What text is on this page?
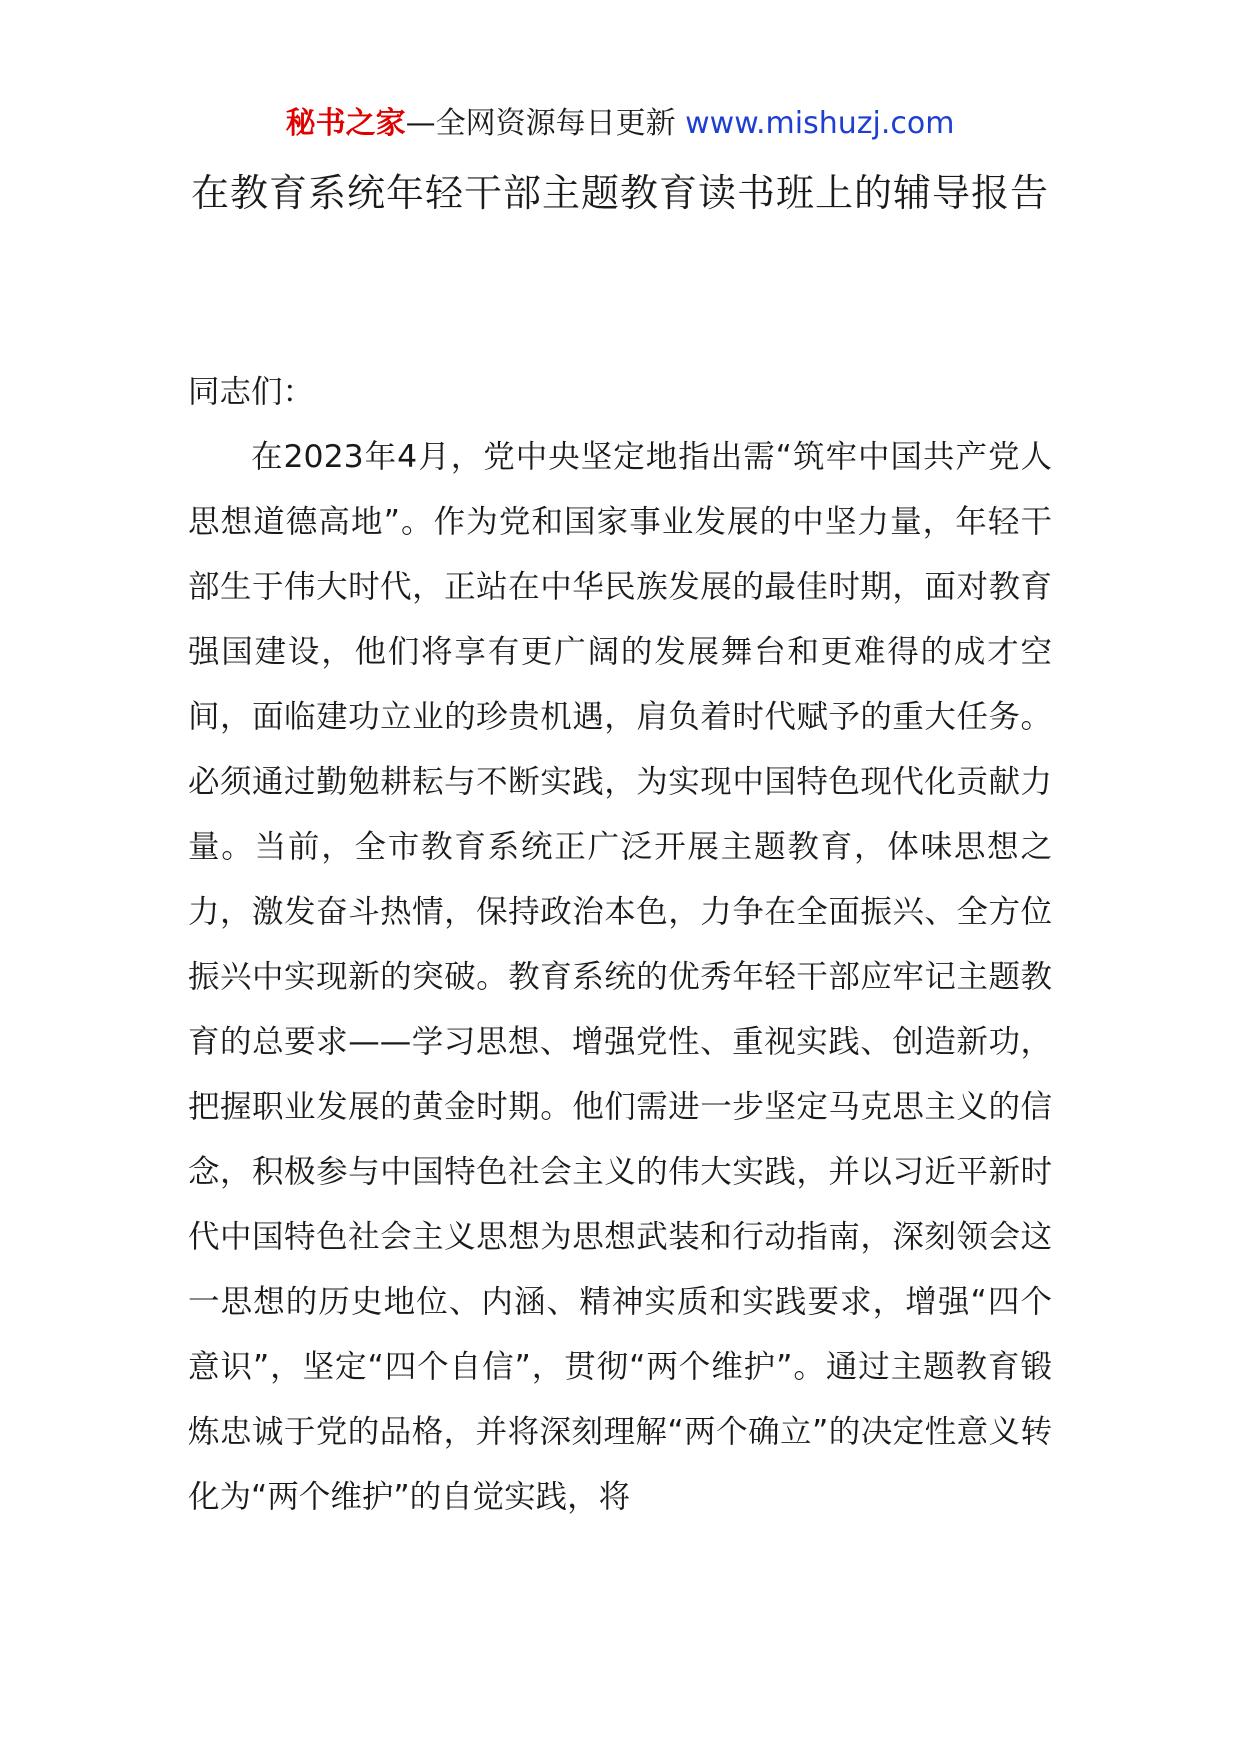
秘书之家—全网资源每日更新 www.mishuzj.com
在教育系统年轻干部主题教育读书班上的辅导报告

同志们：

在2023年4月，党中央坚定地指出需“筑牢中国共产党人思想道德高地”。作为党和国家事业发展的中坚力量，年轻干部生于伟大时代，正站在中华民族发展的最佳时期，面对教育强国建设，他们将享有更广阔的发展舞台和更难得的成才空间，面临建功立业的珍贵机遇，肩负着时代赋予的重大任务。必须通过勤勉耕耘与不断实践，为实现中国特色现代化贡献力量。当前，全市教育系统正广泛开展主题教育，体味思想之力，激发奋斗热情，保持政治本色，力争在全面振兴、全方位振兴中实现新的突破。教育系统的优秀年轻干部应牢记主题教育的总要求——学习思想、增强党性、重视实践、创造新功，把握职业发展的黄金时期。他们需进一步坚定马克思主义的信念，积极参与中国特色社会主义的伟大实践，并以习近平新时代中国特色社会主义思想为思想武装和行动指南，深刻领会这一思想的历史地位、内涵、精神实质和实践要求，增强“四个意识”，坚定“四个自信”，贯彻“两个维护”。通过主题教育锻炼忠诚于党的品格，并将深刻理解“两个确立”的决定性意义转化为“两个维护”的自觉实践，将
